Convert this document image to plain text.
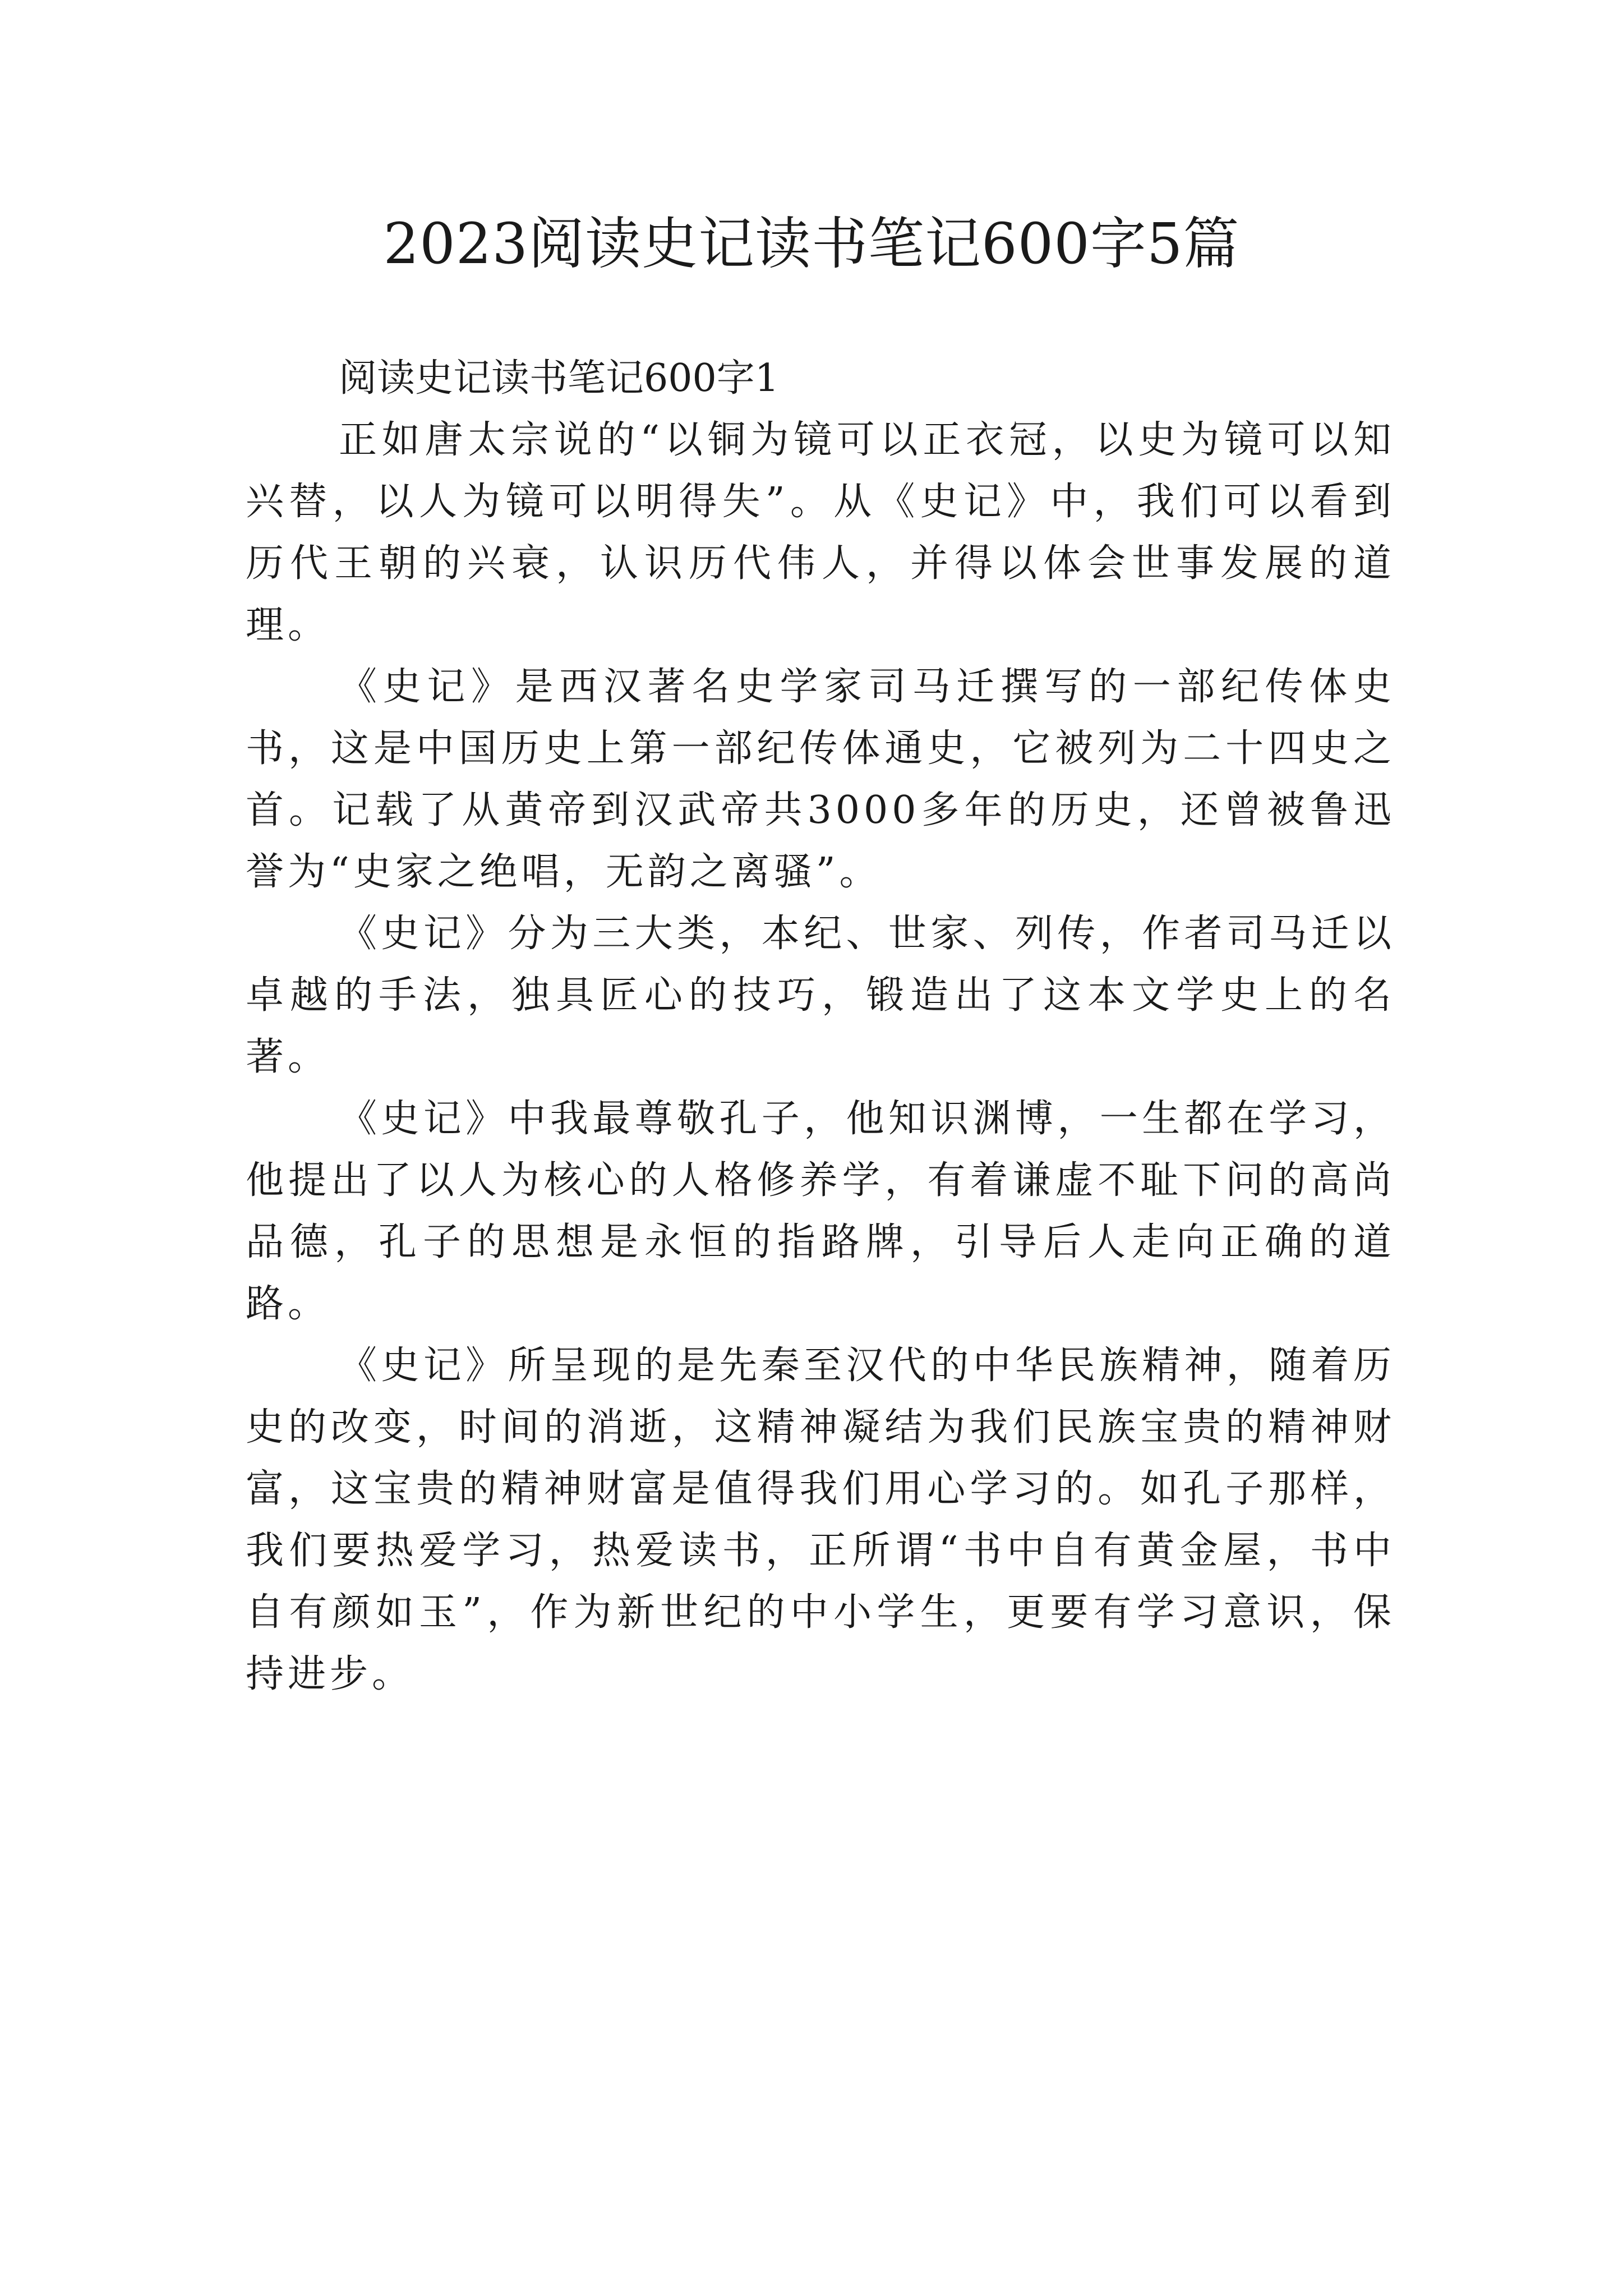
2023阅读史记读书笔记600字5篇
阅读史记读书笔记600字1

正如唐太宗说的“以铜为镜可以正衣冠，以史为镜可以知兴替，以人为镜可以明得失”。从《史记》中，我们可以看到历代王朝的兴衰，认识历代伟人，并得以体会世事发展的道理。

《史记》是西汉著名史学家司马迁撰写的一部纪传体史书，这是中国历史上第一部纪传体通史，它被列为二十四史之首。记载了从黄帝到汉武帝共3000多年的历史，还曾被鲁迅誉为“史家之绝唱，无韵之离骚”。

《史记》分为三大类，本纪、世家、列传，作者司马迁以卓越的手法，独具匠心的技巧，锻造出了这本文学史上的名著。

《史记》中我最尊敬孔子，他知识渊博，一生都在学习，他提出了以人为核心的人格修养学，有着谦虚不耻下问的高尚品德，孔子的思想是永恒的指路牌，引导后人走向正确的道路。

《史记》所呈现的是先秦至汉代的中华民族精神，随着历史的改变，时间的消逝，这精神凝结为我们民族宝贵的精神财富，这宝贵的精神财富是值得我们用心学习的。如孔子那样，我们要热爱学习，热爱读书，正所谓“书中自有黄金屋，书中自有颜如玉”，作为新世纪的中小学生，更要有学习意识，保持进步。
